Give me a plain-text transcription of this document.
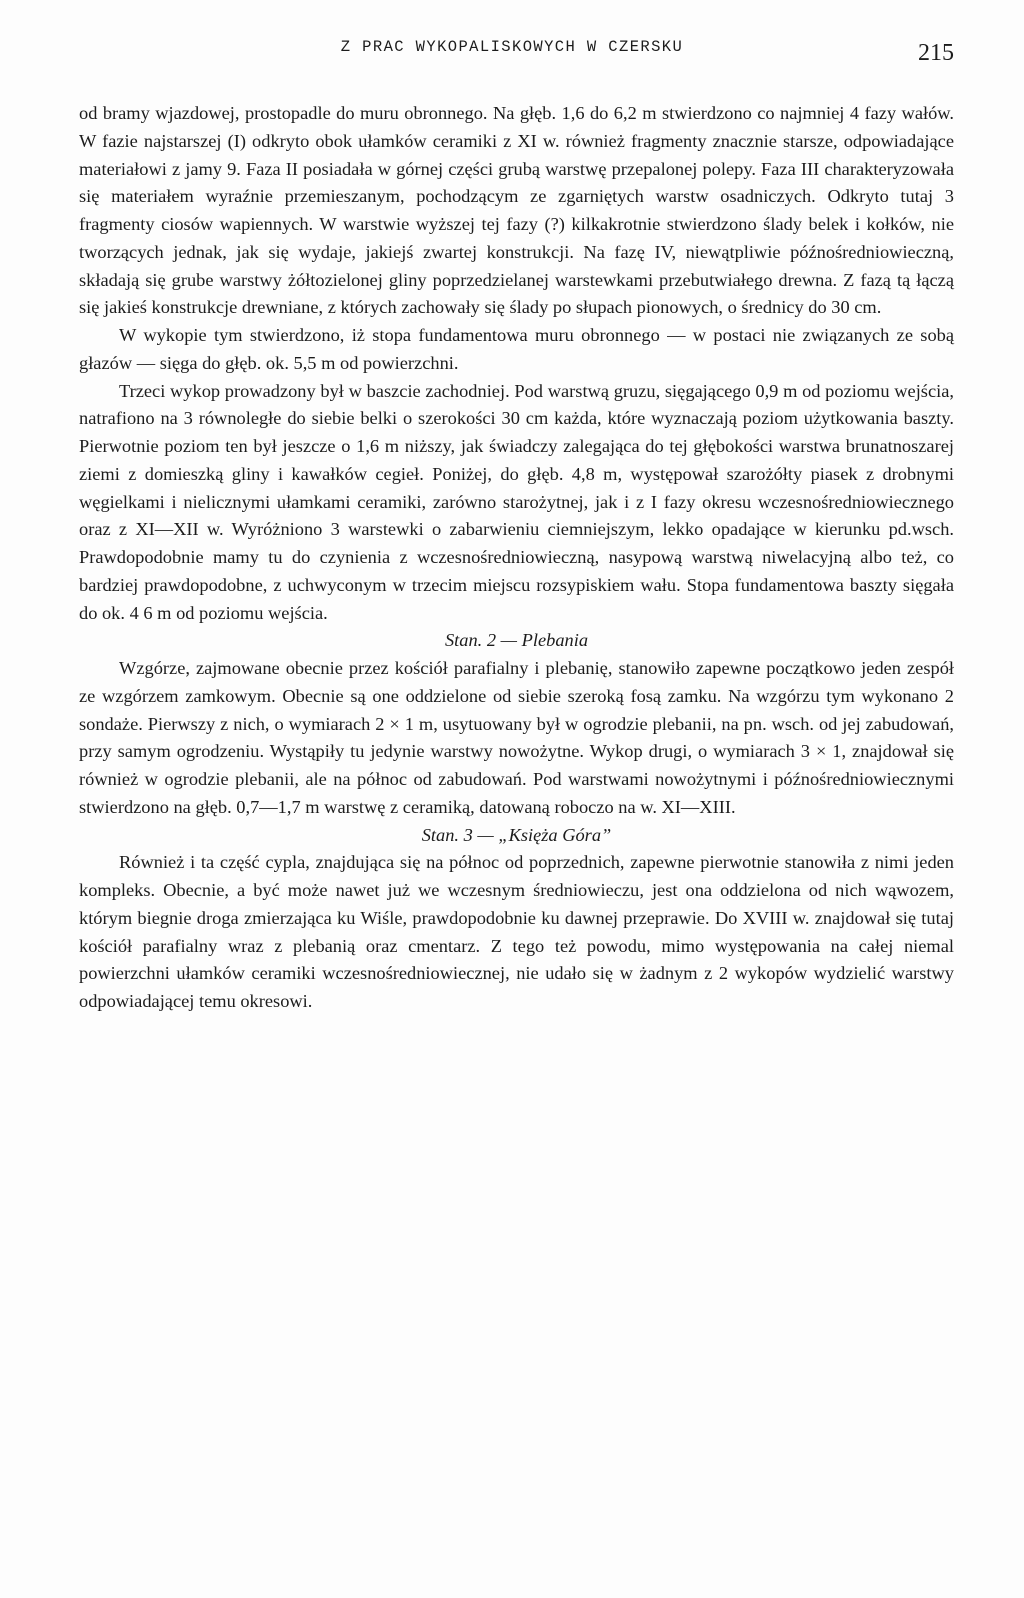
Z PRAC WYKOPALISKOWYCH W CZERSKU	215

od bramy wjazdowej, prostopadle do muru obronnego. Na głęb. 1,6 do 6,2 m stwierdzono co najmniej 4 fazy wałów. W fazie najstarszej (I) odkryto obok ułamków ceramiki z XI w. również fragmenty znacznie starsze, odpowiadające materiałowi z jamy 9. Faza II posiadała w górnej części grubą warstwę przepalonej polepy. Faza III charakteryzowała się materiałem wyraźnie przemieszanym, pochodzącym ze zgarniętych warstw osadniczych. Odkryto tutaj 3 fragmenty ciosów wapiennych. W warstwie wyższej tej fazy (?) kilkakrotnie stwierdzono ślady belek i kołków, nie tworzących jednak, jak się wydaje, jakiejś zwartej konstrukcji. Na fazę IV, niewątpliwie późnośredniowieczną, składają się grube warstwy żółtozielonej gliny poprzedzielanej warstewkami przebutwiałego drewna. Z fazą tą łączą się jakieś konstrukcje drewniane, z których zachowały się ślady po słupach pionowych, o średnicy do 30 cm.

W wykopie tym stwierdzono, iż stopa fundamentowa muru obronnego — w postaci nie związanych ze sobą głazów — sięga do głęb. ok. 5,5 m od powierzchni.

Trzeci wykop prowadzony był w baszcie zachodniej. Pod warstwą gruzu, sięgającego 0,9 m od poziomu wejścia, natrafiono na 3 równoległe do siebie belki o szerokości 30 cm każda, które wyznaczają poziom użytkowania baszty. Pierwotnie poziom ten był jeszcze o 1,6 m niższy, jak świadczy zalegająca do tej głębokości warstwa brunatnoszarej ziemi z domieszką gliny i kawałków cegieł. Poniżej, do głęb. 4,8 m, występował szarożółty piasek z drobnymi węgielkami i nielicznymi ułamkami ceramiki, zarówno starożytnej, jak i z I fazy okresu wczesnośredniowiecznego oraz z XI—XII w. Wyróżniono 3 warstewki o zabarwieniu ciemniejszym, lekko opadające w kierunku pd.wsch. Prawdopodobnie mamy tu do czynienia z wczesnośredniowieczną, nasypową warstwą niwelacyjną albo też, co bardziej prawdopodobne, z uchwyconym w trzecim miejscu rozsypiskiem wału. Stopa fundamentowa baszty sięgała do ok. 4 6 m od poziomu wejścia.

Stan. 2 — Plebania

Wzgórze, zajmowane obecnie przez kościół parafialny i plebanię, stanowiło zapewne początkowo jeden zespół ze wzgórzem zamkowym. Obecnie są one oddzielone od siebie szeroką fosą zamku. Na wzgórzu tym wykonano 2 sondaże. Pierwszy z nich, o wymiarach 2 × 1 m, usytuowany był w ogrodzie plebanii, na pn. wsch. od jej zabudowań, przy samym ogrodzeniu. Wystąpiły tu jedynie warstwy nowożytne. Wykop drugi, o wymiarach 3 × 1, znajdował się również w ogrodzie plebanii, ale na północ od zabudowań. Pod warstwami nowożytnymi i późnośredniowiecznymi stwierdzono na głęb. 0,7—1,7 m warstwę z ceramiką, datowaną roboczo na w. XI—XIII.

Stan. 3 — „Księża Góra”

Również i ta część cypla, znajdująca się na północ od poprzednich, zapewne pierwotnie stanowiła z nimi jeden kompleks. Obecnie, a być może nawet już we wczesnym średniowieczu, jest ona oddzielona od nich wąwozem, którym biegnie droga zmierzająca ku Wiśle, prawdopodobnie ku dawnej przeprawie. Do XVIII w. znajdował się tutaj kościół parafialny wraz z plebanią oraz cmentarz. Z tego też powodu, mimo występowania na całej niemal powierzchni ułamków ceramiki wczesnośredniowiecznej, nie udało się w żadnym z 2 wykopów wydzielić warstwy odpowiadającej temu okresowi.
